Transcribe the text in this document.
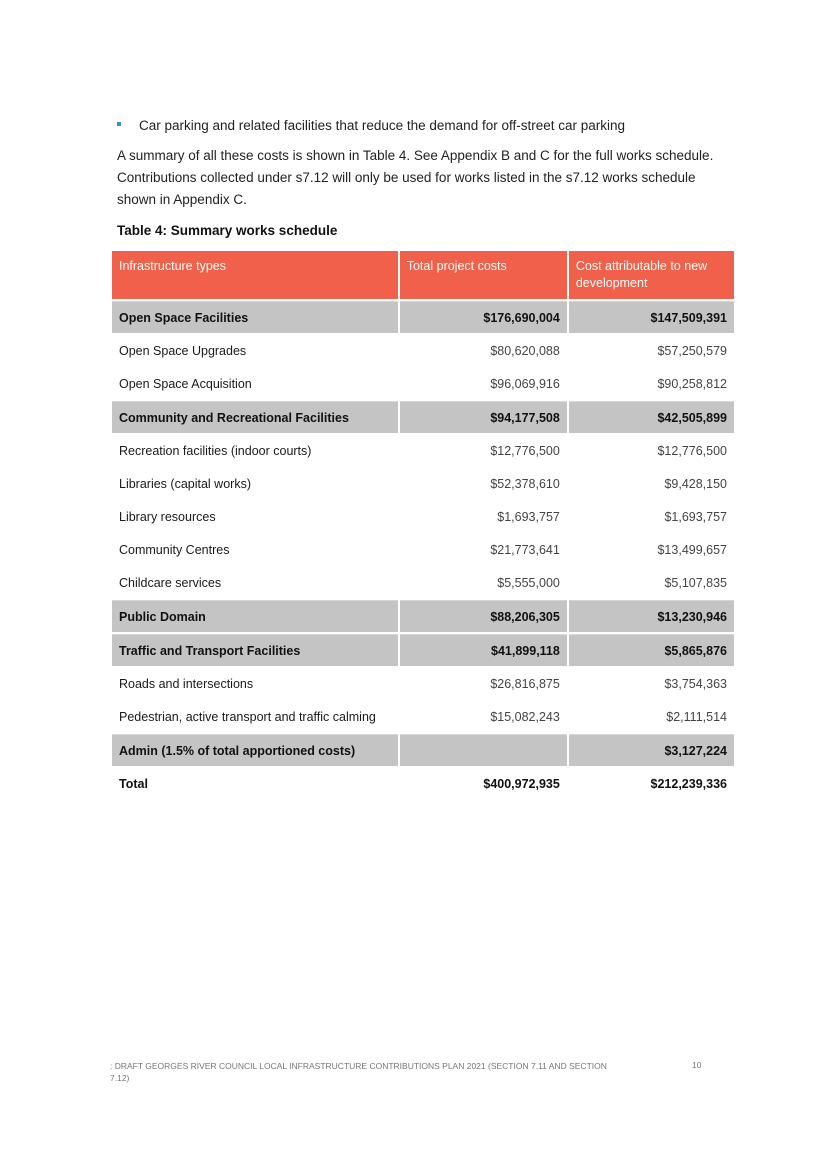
Car parking and related facilities that reduce the demand for off-street car parking

A summary of all these costs is shown in Table 4. See Appendix B and C for the full works schedule. Contributions collected under s7.12 will only be used for works listed in the s7.12 works schedule shown in Appendix C.

Table 4: Summary works schedule
Infrastructure types	Total project costs	Cost attributable to new development
Open Space Facilities	$176,690,004	$147,509,391
Open Space Upgrades	$80,620,088	$57,250,579
Open Space Acquisition	$96,069,916	$90,258,812
Community and Recreational Facilities	$94,177,508	$42,505,899
Recreation facilities (indoor courts)	$12,776,500	$12,776,500
Libraries (capital works)	$52,378,610	$9,428,150
Library resources	$1,693,757	$1,693,757
Community Centres	$21,773,641	$13,499,657
Childcare services	$5,555,000	$5,107,835
Public Domain	$88,206,305	$13,230,946
Traffic and Transport Facilities	$41,899,118	$5,865,876
Roads and intersections	$26,816,875	$3,754,363
Pedestrian, active transport and traffic calming	$15,082,243	$2,111,514
Admin (1.5% of total apportioned costs)		$3,127,224
Total	$400,972,935	$212,239,336
: DRAFT GEORGES RIVER COUNCIL LOCAL INFRASTRUCTURE CONTRIBUTIONS PLAN 2021 (SECTION 7.11 AND SECTION 7.12)
10
